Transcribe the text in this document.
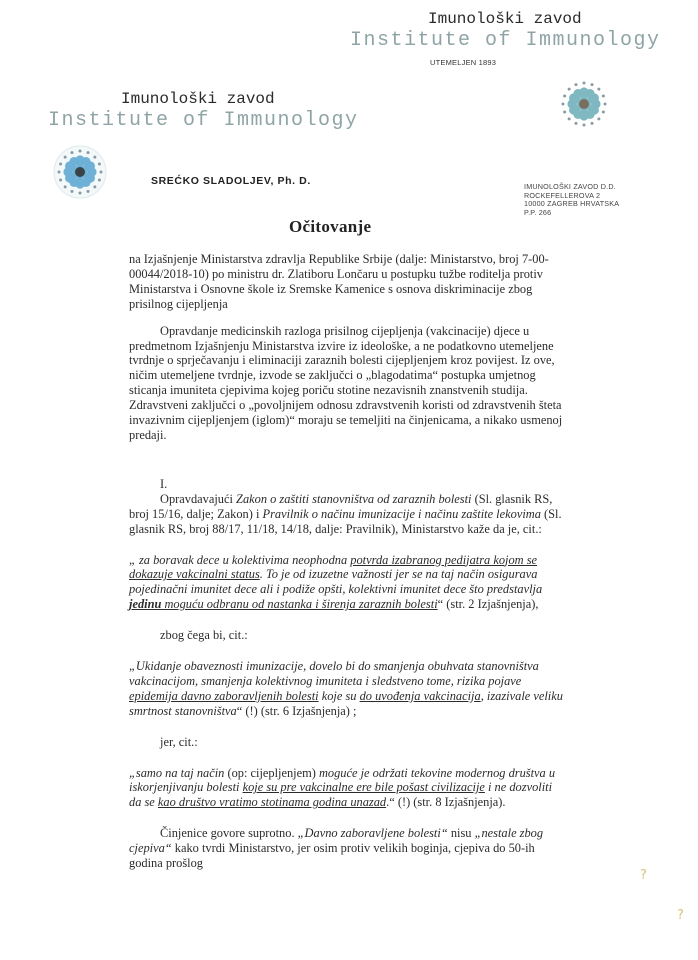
Imunološki zavod
Institute of Immunology
UTEMELJEN 1893
Imunološki zavod
Institute of Immunology
SREĆKO SLADOLJEV, Ph. D.	IMUNOLOŠKI ZAVOD D.D.
ROCKEFELLEROVA 2
10000 ZAGREB HRVATSKA
P.P. 266
Očitovanje

na Izjašnjenje Ministarstva zdravlja Republike Srbije (dalje: Ministarstvo, broj 7-00-00044/2018-10) po ministru dr. Zlatiboru Lončaru u postupku tužbe roditelja protiv Ministarstva i Osnovne škole iz Sremske Kamenice s osnova diskriminacije zbog prisilnog cijepljenja

Opravdanje medicinskih razloga prisilnog cijepljenja (vakcinacije) djece u predmetnom Izjašnjenju Ministarstva izvire iz ideološke, a ne podatkovno utemeljene tvrdnje o sprječavanju i eliminaciji zaraznih bolesti cijepljenjem kroz povijest. Iz ove, ničim utemeljene tvrdnje, izvode se zaključci o „blagodatima“ postupka umjetnog sticanja imuniteta cjepivima kojeg poriču stotine nezavisnih znanstvenih studija. Zdravstveni zaključci o „povoljnijem odnosu zdravstvenih koristi od zdravstvenih šteta invazivnim cijepljenjem (iglom)“ moraju se temeljiti na činjenicama, a nikako usmenoj predaji.

I.

Opravdavajući Zakon o zaštiti stanovništva od zaraznih bolesti (Sl. glasnik RS, broj 15/16, dalje; Zakon) i Pravilnik o načinu imunizacije i načinu zaštite lekovima (Sl. glasnik RS, broj 88/17, 11/18, 14/18, dalje: Pravilnik), Ministarstvo kaže da je, cit.:

„ za boravak dece u kolektivima neophodna potvrda izabranog pedijatra kojom se dokazuje vakcinalni status. To je od izuzetne važnosti jer se na taj način osigurava pojedinačni imunitet dece ali i podiže opšti, kolektivni imunitet dece što predstavlja jedinu moguću odbranu od nastanka i širenja zaraznih bolesti“ (str. 2 Izjašnjenja),

zbog čega bi, cit.:

„Ukidanje obaveznosti imunizacije, dovelo bi do smanjenja obuhvata stanovništva vakcinacijom, smanjenja kolektivnog imuniteta i sledstveno tome, rizika pojave epidemija davno zaboravljenih bolesti koje su do uvođenja vakcinacija, izazivale veliku smrtnost stanovništva“ (!) (str. 6 Izjašnjenja) ;

jer, cit.:

„samo na taj način (op: cijepljenjem) moguće je održati tekovine modernog društva u iskorjenjivanju bolesti koje su pre vakcinalne ere bile pošast civilizacije i ne dozvoliti da se kao društvo vratimo stotinama godina unazad.“ (!) (str. 8 Izjašnjenja).

Činjenice govore suprotno. „Davno zaboravljene bolesti“ nisu „nestale zbog cjepiva“ kako tvrdi Ministarstvo, jer osim protiv velikih boginja, cjepiva do 50-ih godina prošlog

?
?
